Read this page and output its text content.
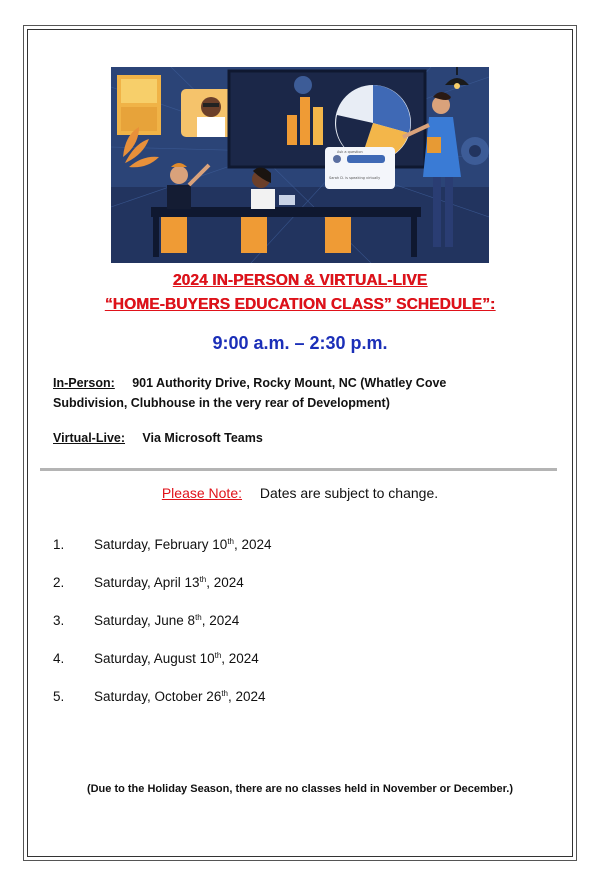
Ask a question
Sarah D. is speaking virtually
2024 IN-PERSON & VIRTUAL-LIVE
“HOME-BUYERS EDUCATION CLASS” SCHEDULE”:
9:00 a.m. – 2:30 p.m.
In-Person: 901 Authority Drive, Rocky Mount, NC (Whatley Cove Subdivision, Clubhouse in the very rear of Development)
Virtual-Live: Via Microsoft Teams
Please Note: Dates are subject to change.
1.	Saturday, February 10th, 2024
2.	Saturday, April 13th, 2024
3.	Saturday, June 8th, 2024
4.	Saturday, August 10th, 2024
5.	Saturday, October 26th, 2024
(Due to the Holiday Season, there are no classes held in November or December.)
